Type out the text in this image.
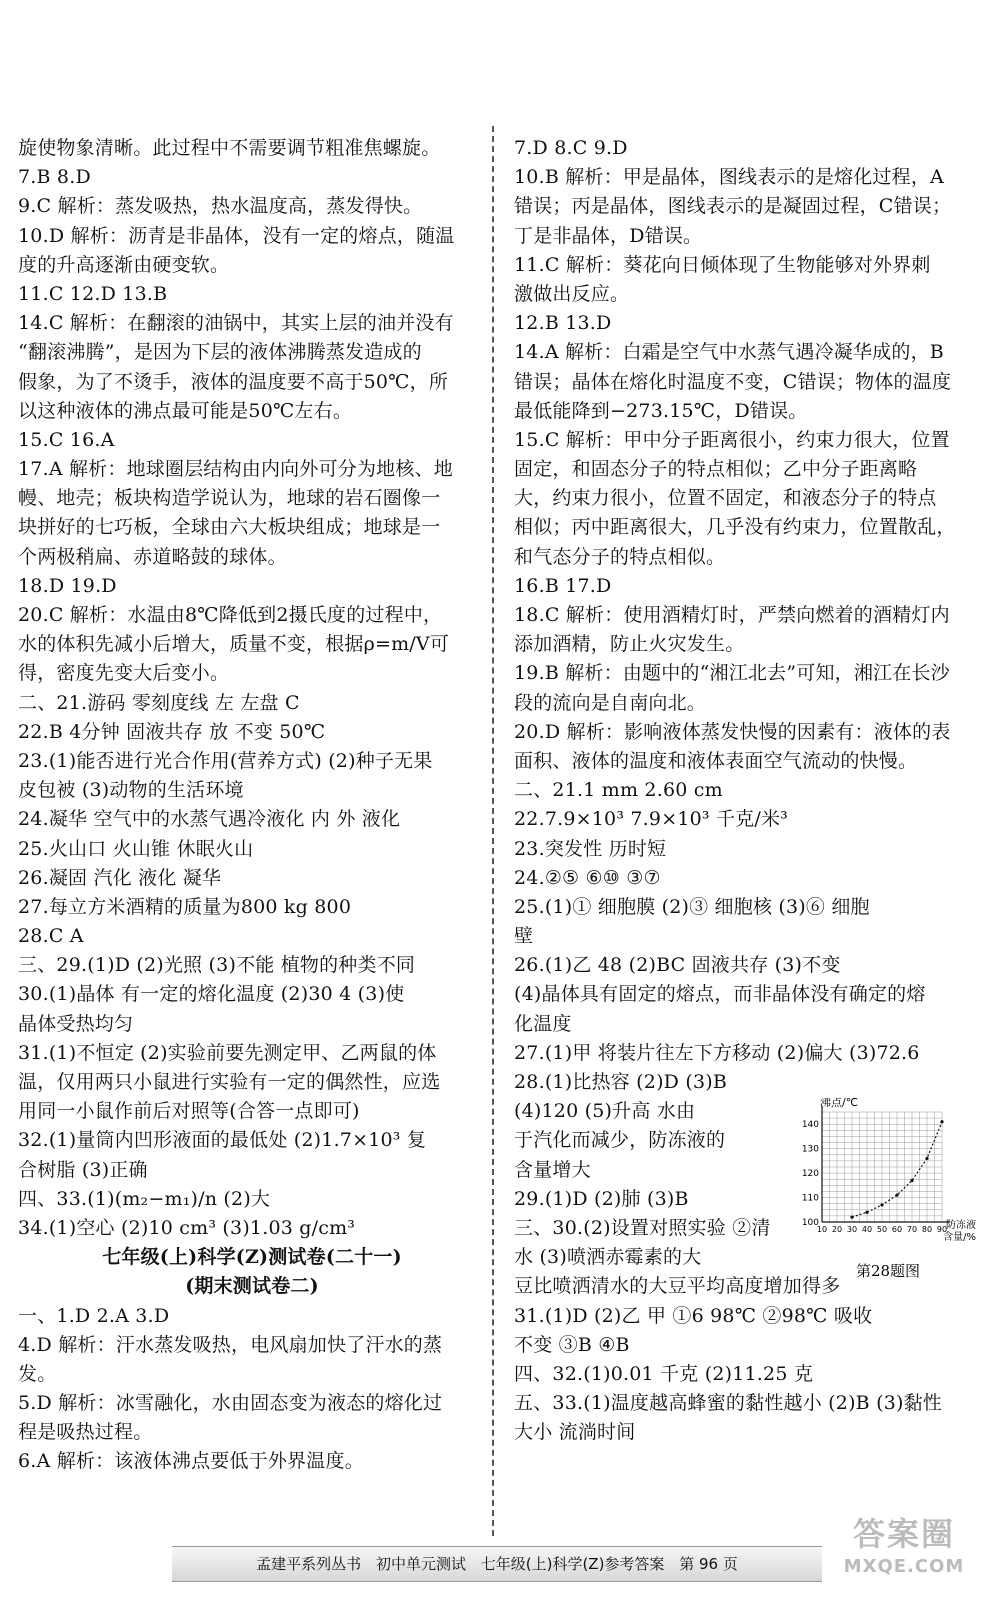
旋使物象清晰。此过程中不需要调节粗准焦螺旋。
7.B 8.D
9.C 解析：蒸发吸热，热水温度高，蒸发得快。
10.D 解析：沥青是非晶体，没有一定的熔点，随温
度的升高逐渐由硬变软。
11.C 12.D 13.B
14.C 解析：在翻滚的油锅中，其实上层的油并没有
“翻滚沸腾”，是因为下层的液体沸腾蒸发造成的
假象，为了不烫手，液体的温度要不高于50℃，所
以这种液体的沸点最可能是50℃左右。
15.C 16.A
17.A 解析：地球圈层结构由内向外可分为地核、地
幔、地壳；板块构造学说认为，地球的岩石圈像一
块拼好的七巧板，全球由六大板块组成；地球是一
个两极稍扁、赤道略鼓的球体。
18.D 19.D
20.C 解析：水温由8℃降低到2摄氏度的过程中，
水的体积先减小后增大，质量不变，根据ρ=m/V可
得，密度先变大后变小。
二、21.游码 零刻度线 左 左盘 C
22.B 4分钟 固液共存 放 不变 50℃
23.(1)能否进行光合作用(营养方式) (2)种子无果
皮包被 (3)动物的生活环境
24.凝华 空气中的水蒸气遇冷液化 内 外 液化
25.火山口 火山锥 休眠火山
26.凝固 汽化 液化 凝华
27.每立方米酒精的质量为800 kg 800
28.C A
三、29.(1)D (2)光照 (3)不能 植物的种类不同
30.(1)晶体 有一定的熔化温度 (2)30 4 (3)使
晶体受热均匀
31.(1)不恒定 (2)实验前要先测定甲、乙两鼠的体
温，仅用两只小鼠进行实验有一定的偶然性，应选
用同一小鼠作前后对照等(合答一点即可)
32.(1)量筒内凹形液面的最低处 (2)1.7×10³ 复
合树脂 (3)正确
四、33.(1)(m₂−m₁)/n (2)大
34.(1)空心 (2)10 cm³ (3)1.03 g/cm³
七年级(上)科学(Z)测试卷(二十一)
(期末测试卷二)
一、1.D 2.A 3.D
4.D 解析：汗水蒸发吸热，电风扇加快了汗水的蒸
发。
5.D 解析：冰雪融化，水由固态变为液态的熔化过
程是吸热过程。
6.A 解析：该液体沸点要低于外界温度。
7.D 8.C 9.D
10.B 解析：甲是晶体，图线表示的是熔化过程，A
错误；丙是晶体，图线表示的是凝固过程，C错误；
丁是非晶体，D错误。
11.C 解析：葵花向日倾体现了生物能够对外界刺
激做出反应。
12.B 13.D
14.A 解析：白霜是空气中水蒸气遇冷凝华成的，B
错误；晶体在熔化时温度不变，C错误；物体的温度
最低能降到−273.15℃，D错误。
15.C 解析：甲中分子距离很小，约束力很大，位置
固定，和固态分子的特点相似；乙中分子距离略
大，约束力很小，位置不固定，和液态分子的特点
相似；丙中距离很大，几乎没有约束力，位置散乱，
和气态分子的特点相似。
16.B 17.D
18.C 解析：使用酒精灯时，严禁向燃着的酒精灯内
添加酒精，防止火灾发生。
19.B 解析：由题中的“湘江北去”可知，湘江在长沙
段的流向是自南向北。
20.D 解析：影响液体蒸发快慢的因素有：液体的表
面积、液体的温度和液体表面空气流动的快慢。
二、21.1 mm 2.60 cm
22.7.9×10³ 7.9×10³ 千克/米³
23.突发性 历时短
24.②⑤ ⑥⑩ ③⑦
25.(1)① 细胞膜 (2)③ 细胞核 (3)⑥ 细胞
壁
26.(1)乙 48 (2)BC 固液共存 (3)不变
(4)晶体具有固定的熔点，而非晶体没有确定的熔
化温度
27.(1)甲 将装片往左下方移动 (2)偏大 (3)72.6
28.(1)比热容 (2)D (3)B
(4)120 (5)升高 水由
于汽化而减少，防冻液的
含量增大
29.(1)D (2)肺 (3)B
三、30.(2)设置对照实验 ②清
水 (3)喷洒赤霉素的大
豆比喷洒清水的大豆平均高度增加得多
31.(1)D (2)乙 甲 ①6 98℃ ②98℃ 吸收
不变 ③B ④B
四、32.(1)0.01 千克 (2)11.25 克
五、33.(1)温度越高蜂蜜的黏性越小 (2)B (3)黏性
大小 流淌时间
100
110
120
130
140
10 20 30 40 50 60 70 80 90
沸点/℃
防冻液
含量/%
第28题图
孟建平系列丛书 初中单元测试 七年级(上)科学(Z)参考答案 第 96 页
答案圈
MXQE.COM
